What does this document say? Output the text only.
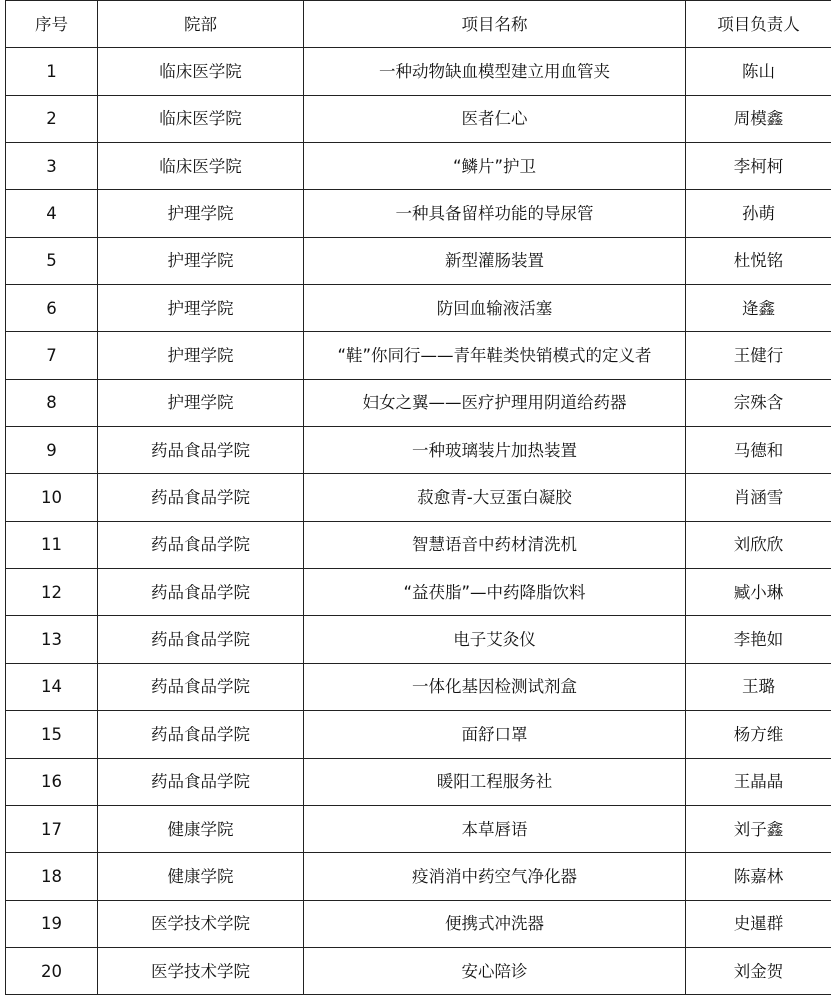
序号	院部	项目名称	项目负责人
1	临床医学院	一种动物缺血模型建立用血管夹	陈山
2	临床医学院	医者仁心	周模鑫
3	临床医学院	“鳞片”护卫	李柯柯
4	护理学院	一种具备留样功能的导尿管	孙萌
5	护理学院	新型灌肠装置	杜悦铭
6	护理学院	防回血输液活塞	逄鑫
7	护理学院	“鞋”你同行——青年鞋类快销模式的定义者	王健行
8	护理学院	妇女之翼——医疗护理用阴道给药器	宗殊含
9	药品食品学院	一种玻璃装片加热装置	马德和
10	药品食品学院	菽愈青-大豆蛋白凝胶	肖涵雪
11	药品食品学院	智慧语音中药材清洗机	刘欣欣
12	药品食品学院	“益茯脂”—中药降脂饮料	臧小琳
13	药品食品学院	电子艾灸仪	李艳如
14	药品食品学院	一体化基因检测试剂盒	王璐
15	药品食品学院	面舒口罩	杨方维
16	药品食品学院	暖阳工程服务社	王晶晶
17	健康学院	本草唇语	刘子鑫
18	健康学院	疫消消中药空气净化器	陈嘉林
19	医学技术学院	便携式冲洗器	史暹群
20	医学技术学院	安心陪诊	刘金贺
